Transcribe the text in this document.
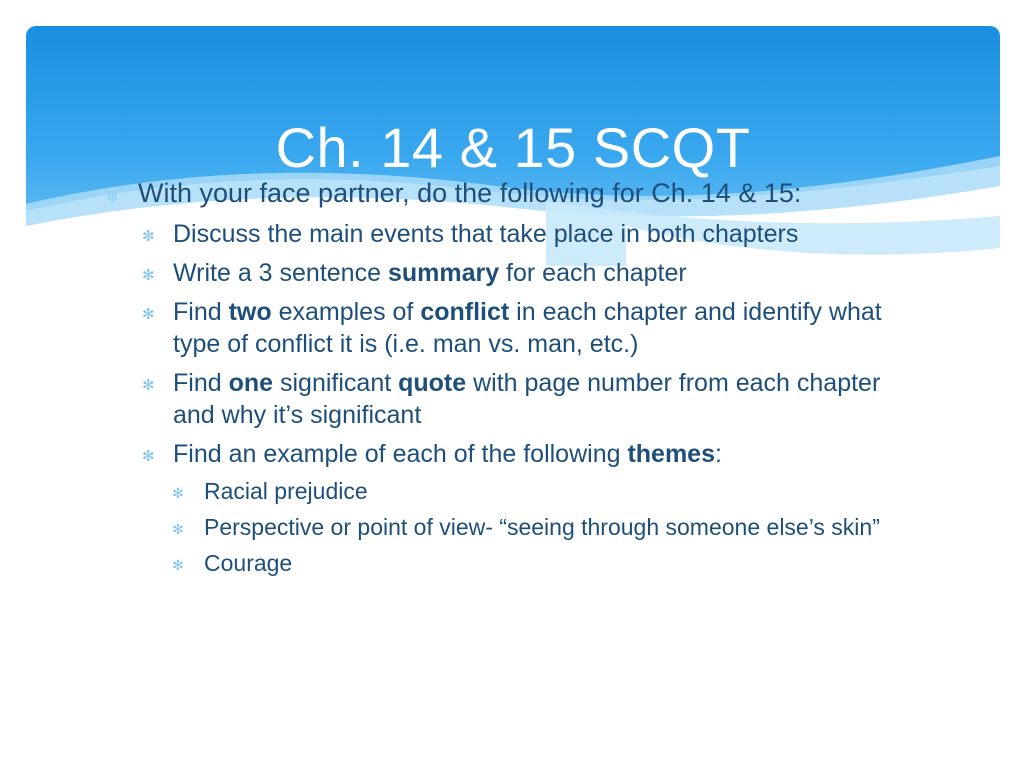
Ch. 14 & 15 SCQT
✻ With your face partner, do the following for Ch. 14 & 15:
✻ Discuss the main events that take place in both chapters
✻ Write a 3 sentence summary for each chapter
✻ Find two examples of conflict in each chapter and identify what type of conflict it is (i.e. man vs. man, etc.)
✻ Find one significant quote with page number from each chapter and why it’s significant
✻ Find an example of each of the following themes:
✻ Racial prejudice
✻ Perspective or point of view- “seeing through someone else’s skin”
✻ Courage
